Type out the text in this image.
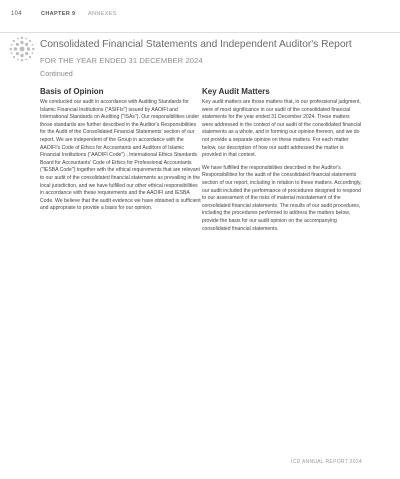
104	CHAPTER 9 ANNEXES
Consolidated Financial Statements and Independent Auditor's Report
FOR THE YEAR ENDED 31 DECEMBER 2024
Continued

Basis of Opinion

We conducted our audit in accordance with Auditing Standards for Islamic Financial Institutions ("ASIFIs") issued by AAOIFI and International Standards on Auditing ("ISAs"). Our responsibilities under those standards are further described in the Auditor's Responsibilities for the Audit of the Consolidated Financial Statements' section of our report. We are independent of the Group in accordance with the AAOIFI's Code of Ethics for Accountants and Auditors of Islamic Financial Institutions ("AAOIFI Code") , International Ethics Standards Board for Accountants' Code of Ethics for Professional Accountants ("IESBA Code") together with the ethical requirements that are relevant to our audit of the consolidated financial statements as prevailing in the local jurisdiction, and we have fulfilled our other ethical responsibilities in accordance with these requirements and the AAOIFI and IESBA Code. We believe that the audit evidence we have obtained is sufficient and appropriate to provide a basis for our opinion.

Key Audit Matters

Key audit matters are those matters that, in our professional judgment, were of most significance in our audit of the consolidated financial statements for the year ended 31 December 2024. These matters were addressed in the context of our audit of the consolidated financial statements as a whole, and in forming our opinion thereon, and we do not provide a separate opinion on these matters. For each matter below, our description of how our audit addressed the matter is provided in that context.

We have fulfilled the responsibilities described in the Auditor's Responsibilities for the audit of the consolidated financial statements section of our report, including in relation to these matters. Accordingly, our audit included the performance of procedures designed to respond to our assessment of the risks of material misstatement of the consolidated financial statements. The results of our audit procedures, including the procedures performed to address the matters below, provide the basis for our audit opinion on the accompanying consolidated financial statements.

ICD ANNUAL REPORT 2024
